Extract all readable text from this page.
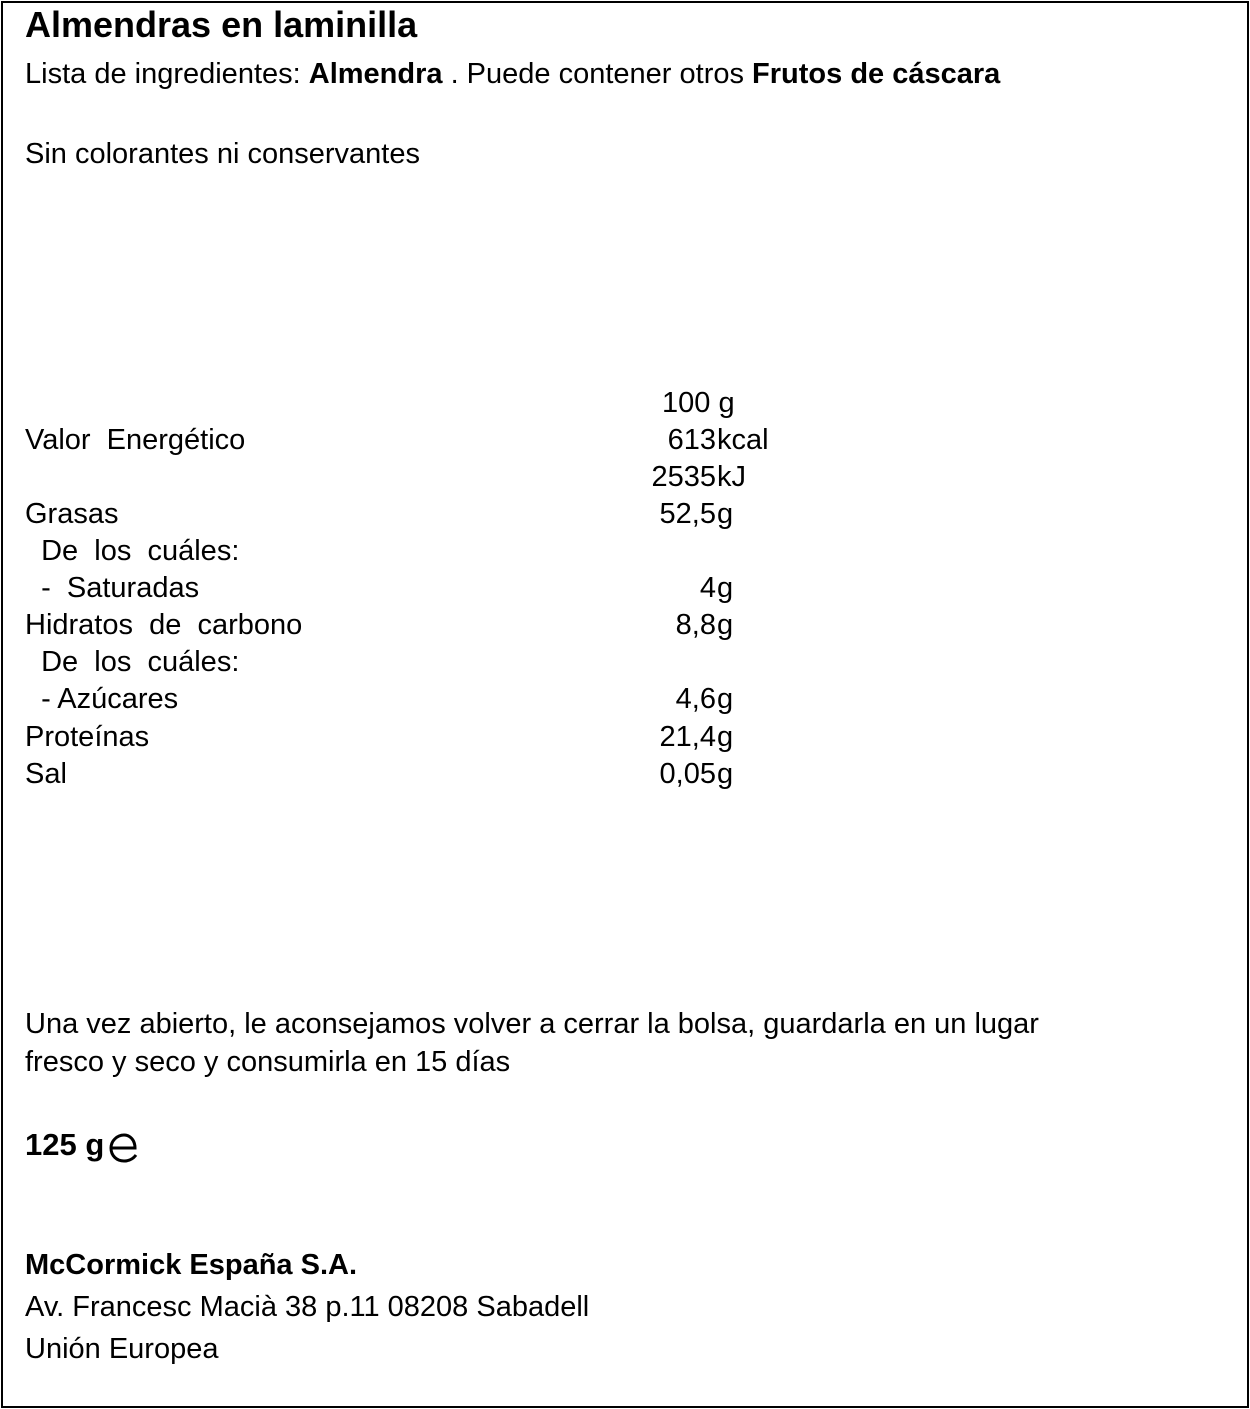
Almendras en laminilla
Lista de ingredientes: Almendra . Puede contener otros Frutos de cáscara
Sin colorantes ni conservantes
100 g
Valor  Energético	613 kcal
2535 kJ
Grasas	52,5 g
De  los  cuáles:
-  Saturadas	4 g
Hidratos  de  carbono	8,8 g
De  los  cuáles:
- Azúcares	4,6 g
Proteínas	21,4 g
Sal	0,05 g
Una vez abierto, le aconsejamos volver a cerrar la bolsa, guardarla en un lugar
fresco y seco y consumirla en 15 días
125 g
McCormick España S.A.
Av. Francesc Macià 38 p.11 08208 Sabadell
Unión Europea
